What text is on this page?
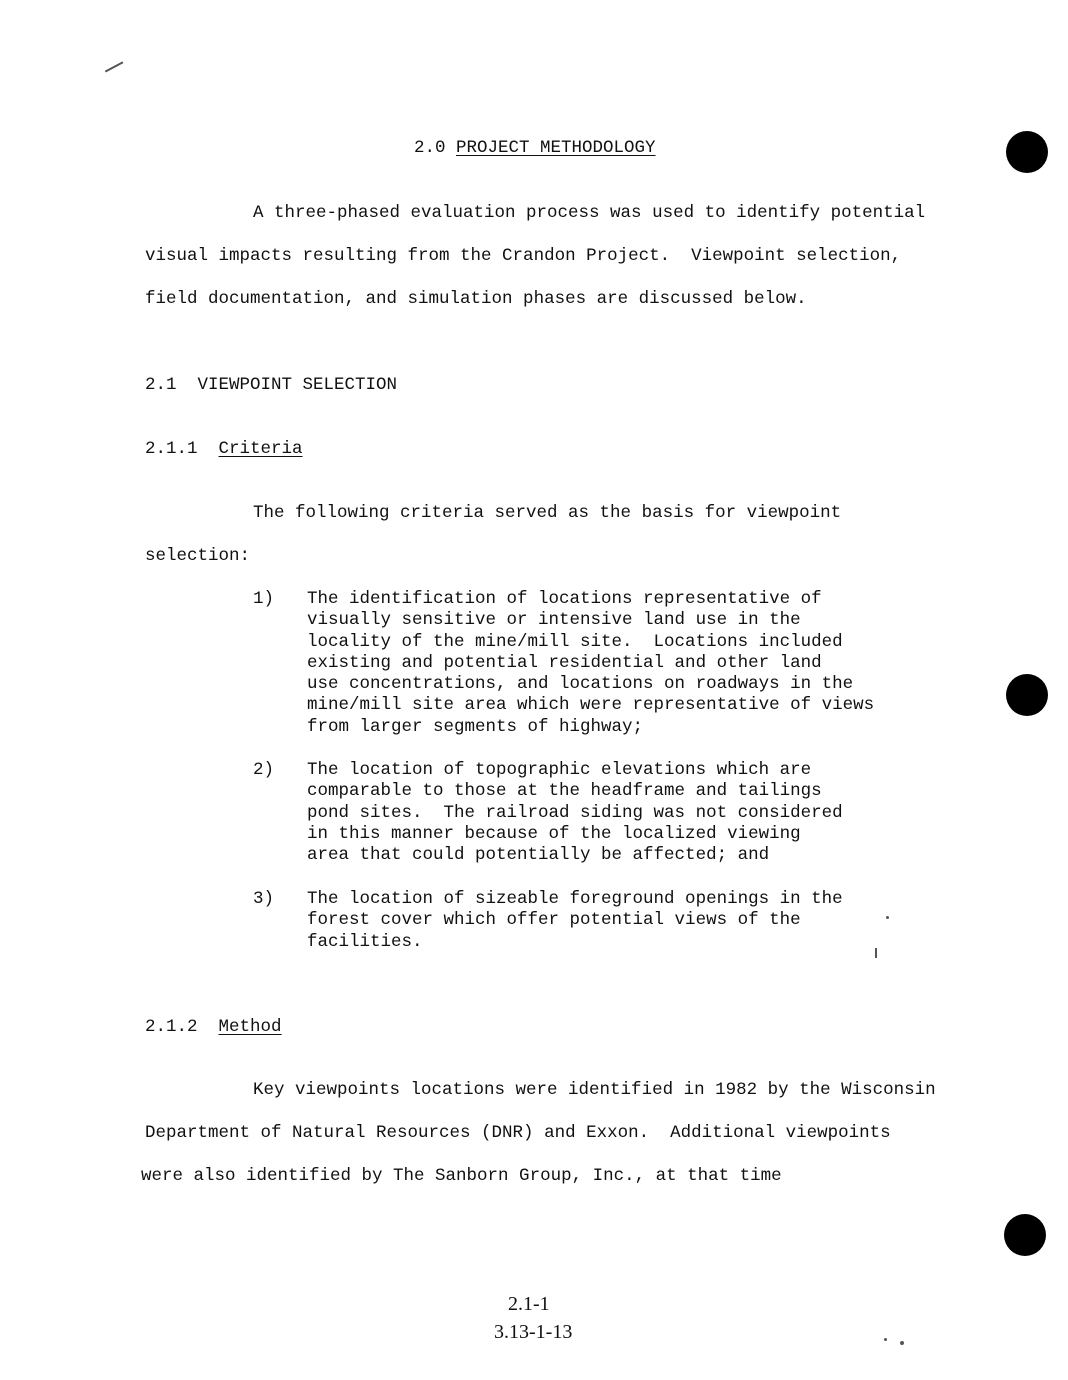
2.0 PROJECT METHODOLOGY
A three-phased evaluation process was used to identify potential
visual impacts resulting from the Crandon Project.  Viewpoint selection,
field documentation, and simulation phases are discussed below.
2.1 VIEWPOINT SELECTION
2.1.1 Criteria
The following criteria served as the basis for viewpoint
selection:
1) The identification of locations representative of
visually sensitive or intensive land use in the
locality of the mine/mill site.  Locations included
existing and potential residential and other land
use concentrations, and locations on roadways in the
mine/mill site area which were representative of views
from larger segments of highway;
2) The location of topographic elevations which are
comparable to those at the headframe and tailings
pond sites.  The railroad siding was not considered
in this manner because of the localized viewing
area that could potentially be affected; and
3) The location of sizeable foreground openings in the
forest cover which offer potential views of the
facilities.
2.1.2 Method
Key viewpoints locations were identified in 1982 by the Wisconsin
Department of Natural Resources (DNR) and Exxon.  Additional viewpoints
were also identified by The Sanborn Group, Inc., at that time
2.1-1
3.13-1-13
